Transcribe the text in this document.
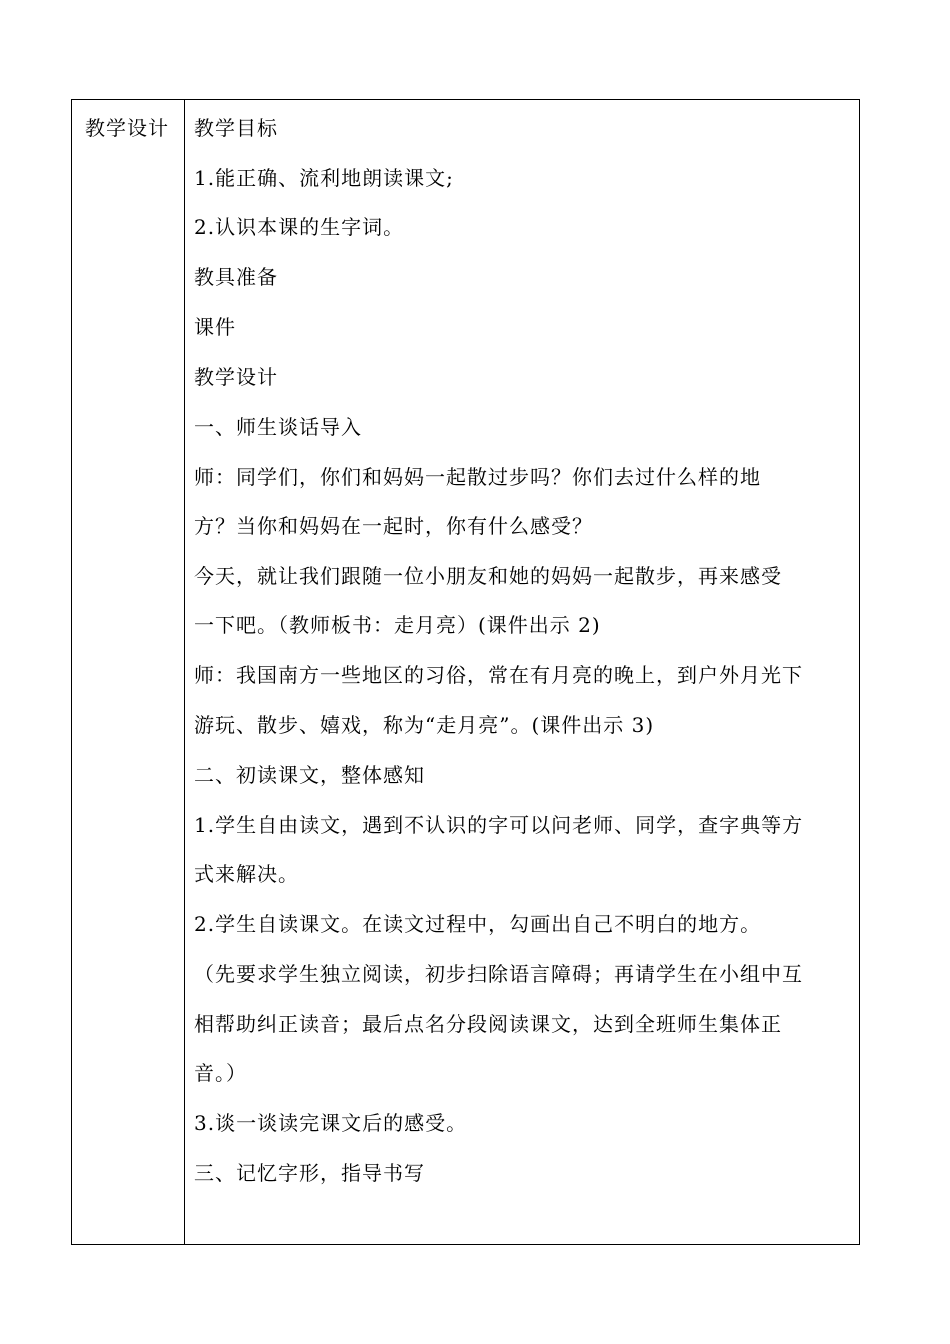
教学设计 教学目标
1.能正确、流利地朗读课文;
2.认识本课的生字词。
教具准备
课件
教学设计
一、师生谈话导入
师：同学们，你们和妈妈一起散过步吗？你们去过什么样的地
方？当你和妈妈在一起时，你有什么感受？
今天，就让我们跟随一位小朋友和她的妈妈一起散步，再来感受
一下吧。（教师板书：走月亮）(课件出示 2)
师：我国南方一些地区的习俗，常在有月亮的晚上，到户外月光下
游玩、散步、嬉戏，称为“走月亮”。(课件出示 3)
二、初读课文，整体感知
1.学生自由读文，遇到不认识的字可以问老师、同学，查字典等方
式来解决。
2.学生自读课文。在读文过程中，勾画出自己不明白的地方。
（先要求学生独立阅读，初步扫除语言障碍；再请学生在小组中互
相帮助纠正读音；最后点名分段阅读课文，达到全班师生集体正
音。）
3.谈一谈读完课文后的感受。
三、记忆字形，指导书写
